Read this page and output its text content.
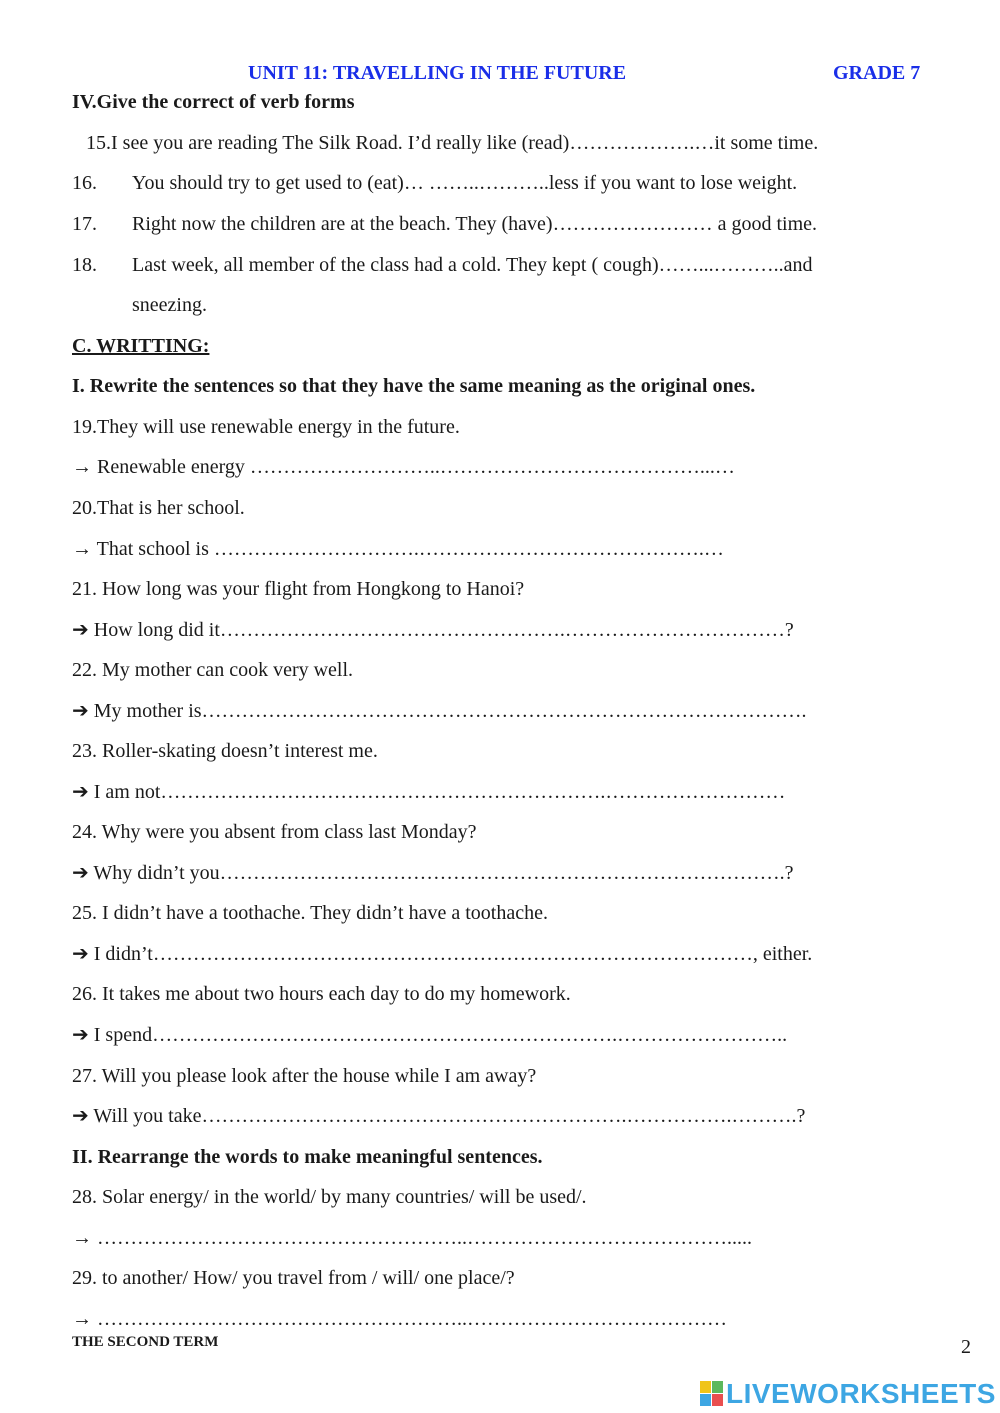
UNIT 11: TRAVELLING IN THE FUTURE	GRADE 7
IV.Give the correct of verb forms
15.I see you are reading The Silk Road. I’d really like (read)……………….…it some time.
16. You should try to get used to (eat)… ……..………..less if you want to lose weight.
17. Right now the children are at the beach. They (have)…………………… a good time.
18. Last week, all member of the class had a cold. They kept ( cough)……...………..and
sneezing.
C. WRITTING:
I. Rewrite the sentences so that they have the same meaning as the original ones.
19.They will use renewable energy in the future.
→ Renewable energy ………………………..…………………………………...…
20.That is her school.
→ That school is ………………………….…………………………………….…
21. How long was your flight from Hongkong to Hanoi?
➔ How long did it…………………………………………….……………………………?
22. My mother can cook very well.
➔ My mother is……………………………………………………………………………….
23. Roller-skating doesn’t interest me.
➔ I am not………………………………………………………….………………………
24. Why were you absent from class last Monday?
➔ Why didn’t you………………………………………………………………………….?
25. I didn’t have a toothache. They didn’t have a toothache.
➔ I didn’t………………………………………………………………………………, either.
26. It takes me about two hours each day to do my homework.
➔ I spend…………………………………………………………….……………………..
27. Will you please look after the house while I am away?
➔ Will you take……………………………………………………….…………….……….?
II. Rearrange the words to make meaningful sentences.
28. Solar energy/ in the world/ by many countries/ will be used/.
→ ………………………………………………..………………………………….....
29. to another/ How/ you travel from / will/ one place/?
→ ………………………………………………..…………………………………
THE SECOND TERM	2
LIVEWORKSHEETS
